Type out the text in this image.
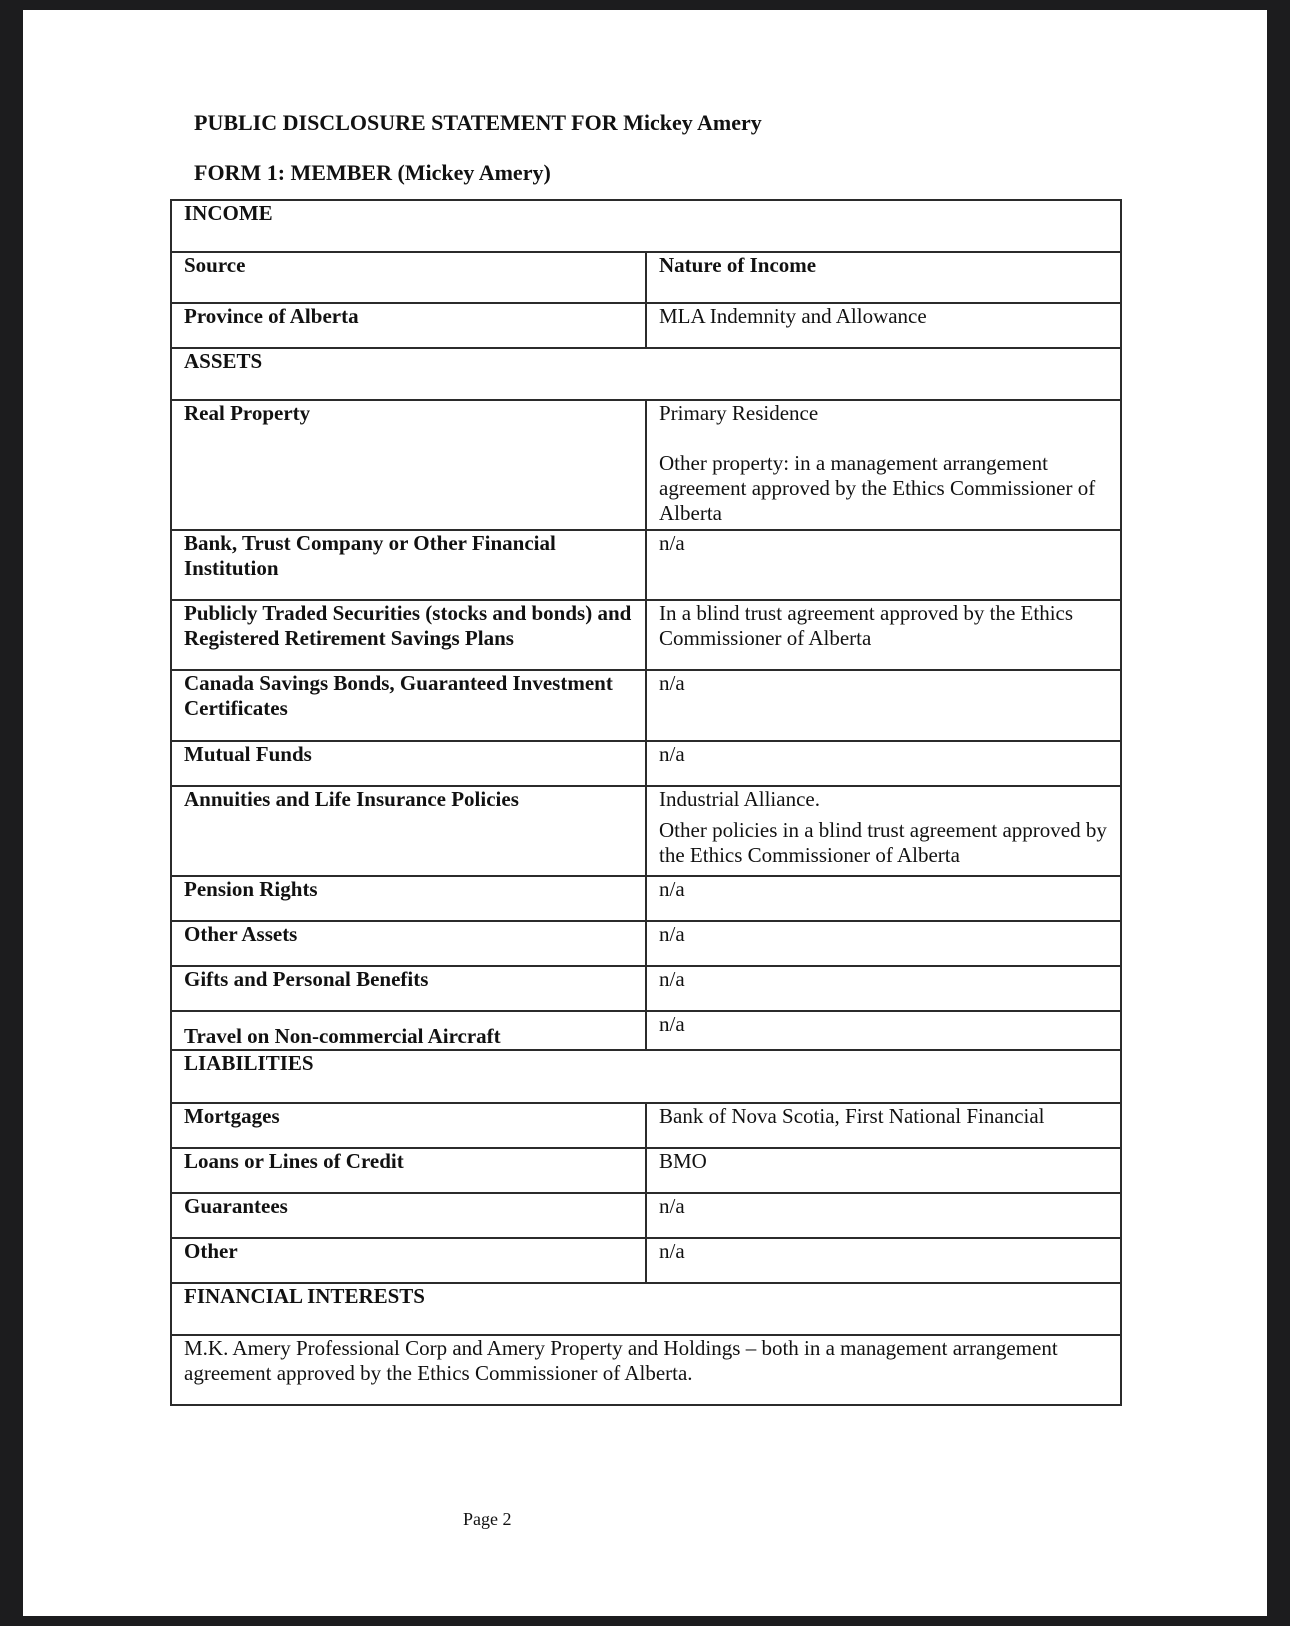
PUBLIC DISCLOSURE STATEMENT FOR Mickey Amery
FORM 1: MEMBER (Mickey Amery)
INCOME	
Source	Nature of Income
Province of Alberta	MLA Indemnity and Allowance
ASSETS	
Real Property	Primary Residence
Other property: in a management arrangement agreement approved by the Ethics Commissioner of Alberta

Bank, Trust Company or Other Financial Institution	n/a
Publicly Traded Securities (stocks and bonds) and Registered Retirement Savings Plans	In a blind trust agreement approved by the Ethics Commissioner of Alberta
Canada Savings Bonds, Guaranteed Investment Certificates	n/a
Mutual Funds	n/a
Annuities and Life Insurance Policies	Industrial Alliance.
Other policies in a blind trust agreement approved by the Ethics Commissioner of Alberta

Pension Rights	n/a
Other Assets	n/a
Gifts and Personal Benefits	n/a
Travel on Non-commercial Aircraft	n/a
LIABILITIES	
Mortgages	Bank of Nova Scotia, First National Financial
Loans or Lines of Credit	BMO
Guarantees	n/a
Other	n/a
FINANCIAL INTERESTS	
M.K. Amery Professional Corp and Amery Property and Holdings – both in a management arrangement agreement approved by the Ethics Commissioner of Alberta.	
Page 2
